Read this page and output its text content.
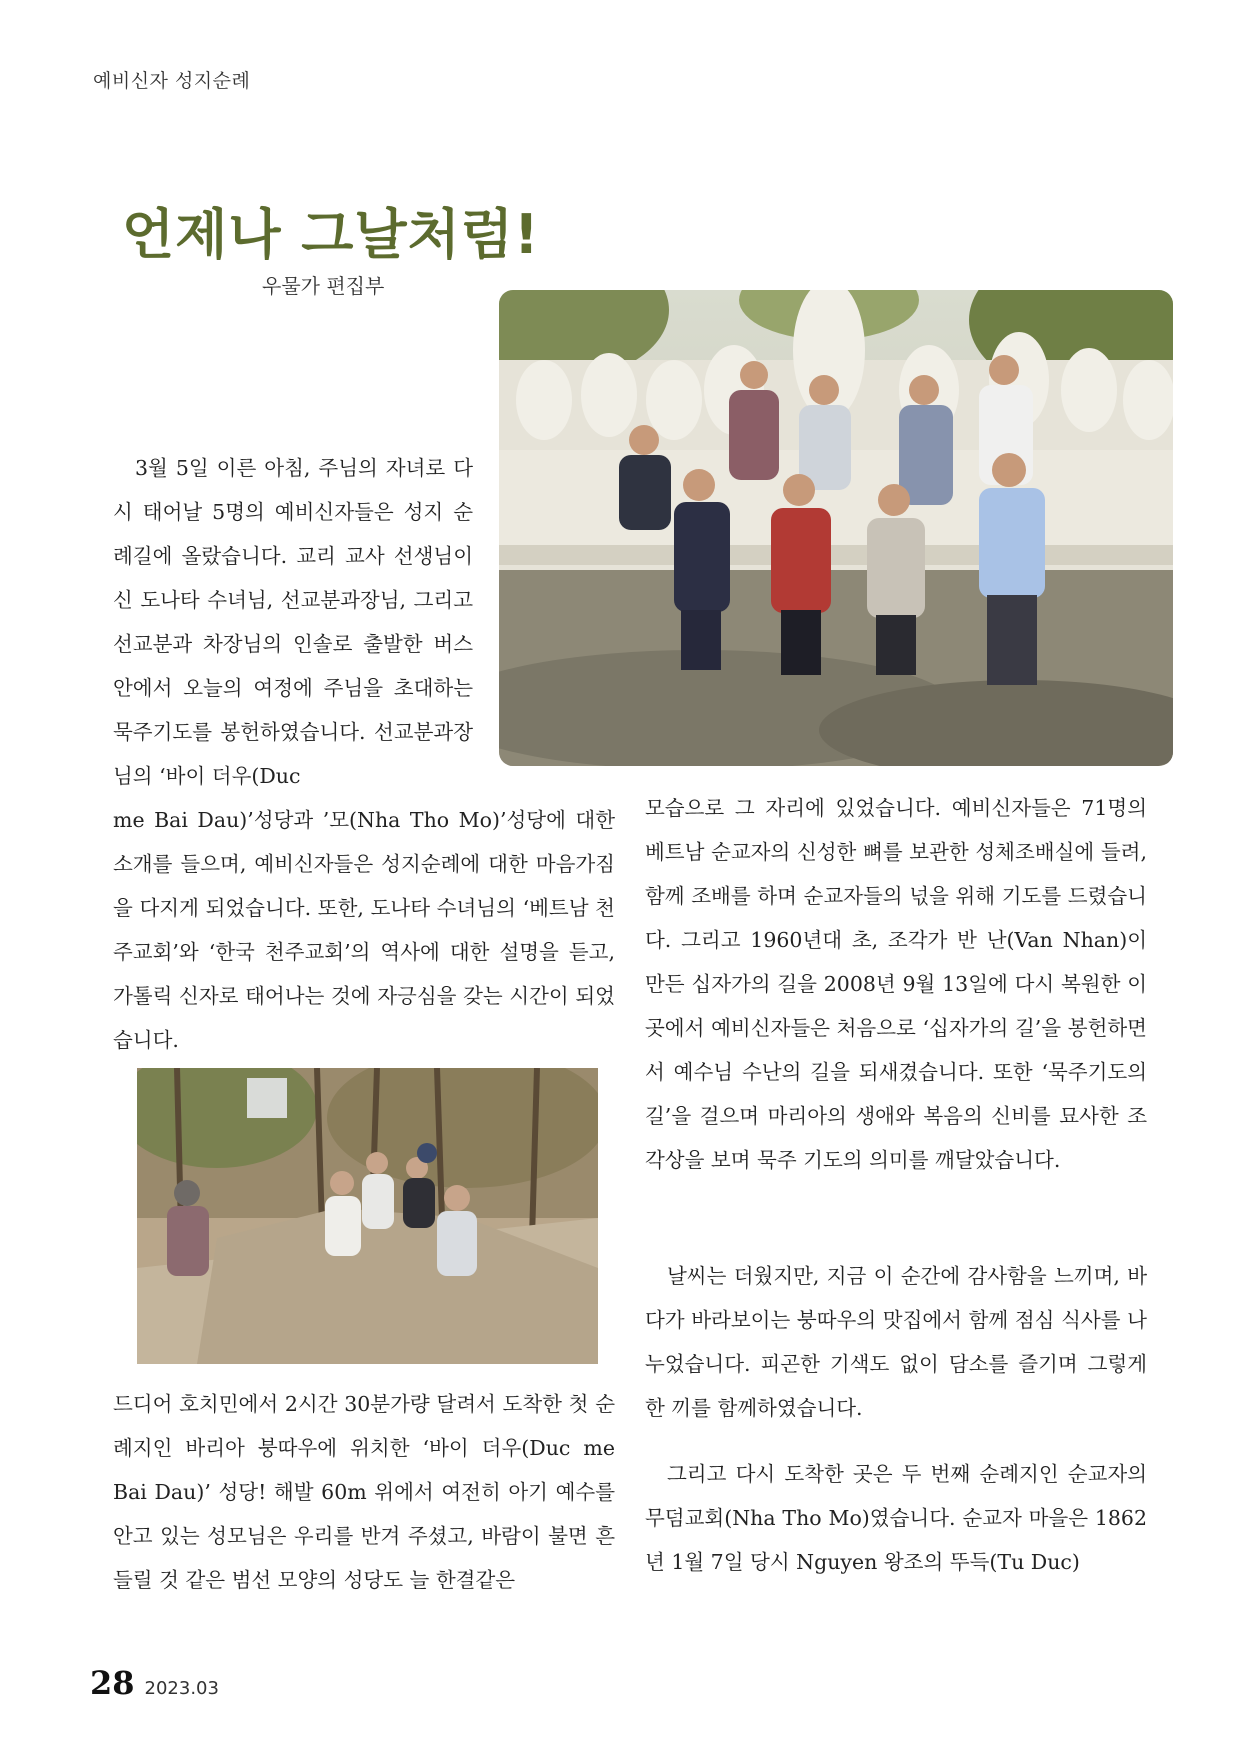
예비신자 성지순례
언제나 그날처럼!
우물가 편집부

3월 5일 이른 아침, 주님의 자녀로 다시 태어날 5명의 예비신자들은 성지 순례길에 올랐습니다. 교리 교사 선생님이신 도나타 수녀님, 선교분과장님, 그리고 선교분과 차장님의 인솔로 출발한 버스 안에서 오늘의 여정에 주님을 초대하는 묵주기도를 봉헌하였습니다. 선교분과장님의 ‘바이 더우(Duc

me Bai Dau)’성당과 ’모(Nha Tho Mo)’성당에 대한 소개를 들으며, 예비신자들은 성지순례에 대한 마음가짐을 다지게 되었습니다. 또한, 도나타 수녀님의 ‘베트남 천주교회’와 ‘한국 천주교회’의 역사에 대한 설명을 듣고, 가톨릭 신자로 태어나는 것에 자긍심을 갖는 시간이 되었습니다.

드디어 호치민에서 2시간 30분가량 달려서 도착한 첫 순례지인 바리아 붕따우에 위치한 ‘바이 더우(Duc me Bai Dau)’ 성당! 해발 60m 위에서 여전히 아기 예수를 안고 있는 성모님은 우리를 반겨 주셨고, 바람이 불면 흔들릴 것 같은 범선 모양의 성당도 늘 한결같은

모습으로 그 자리에 있었습니다. 예비신자들은 71명의 베트남 순교자의 신성한 뼈를 보관한 성체조배실에 들려, 함께 조배를 하며 순교자들의 넋을 위해 기도를 드렸습니다. 그리고 1960년대 초, 조각가 반 난(Van Nhan)이 만든 십자가의 길을 2008년 9월 13일에 다시 복원한 이곳에서 예비신자들은 처음으로 ‘십자가의 길’을 봉헌하면서 예수님 수난의 길을 되새겼습니다. 또한 ‘묵주기도의 길’을 걸으며 마리아의 생애와 복음의 신비를 묘사한 조각상을 보며 묵주 기도의 의미를 깨달았습니다.

날씨는 더웠지만, 지금 이 순간에 감사함을 느끼며, 바다가 바라보이는 붕따우의 맛집에서 함께 점심 식사를 나누었습니다. 피곤한 기색도 없이 담소를 즐기며 그렇게 한 끼를 함께하였습니다.

그리고 다시 도착한 곳은 두 번째 순례지인 순교자의 무덤교회(Nha Tho Mo)였습니다. 순교자 마을은 1862년 1월 7일 당시 Nguyen 왕조의 뚜득(Tu Duc)

28 2023.03
